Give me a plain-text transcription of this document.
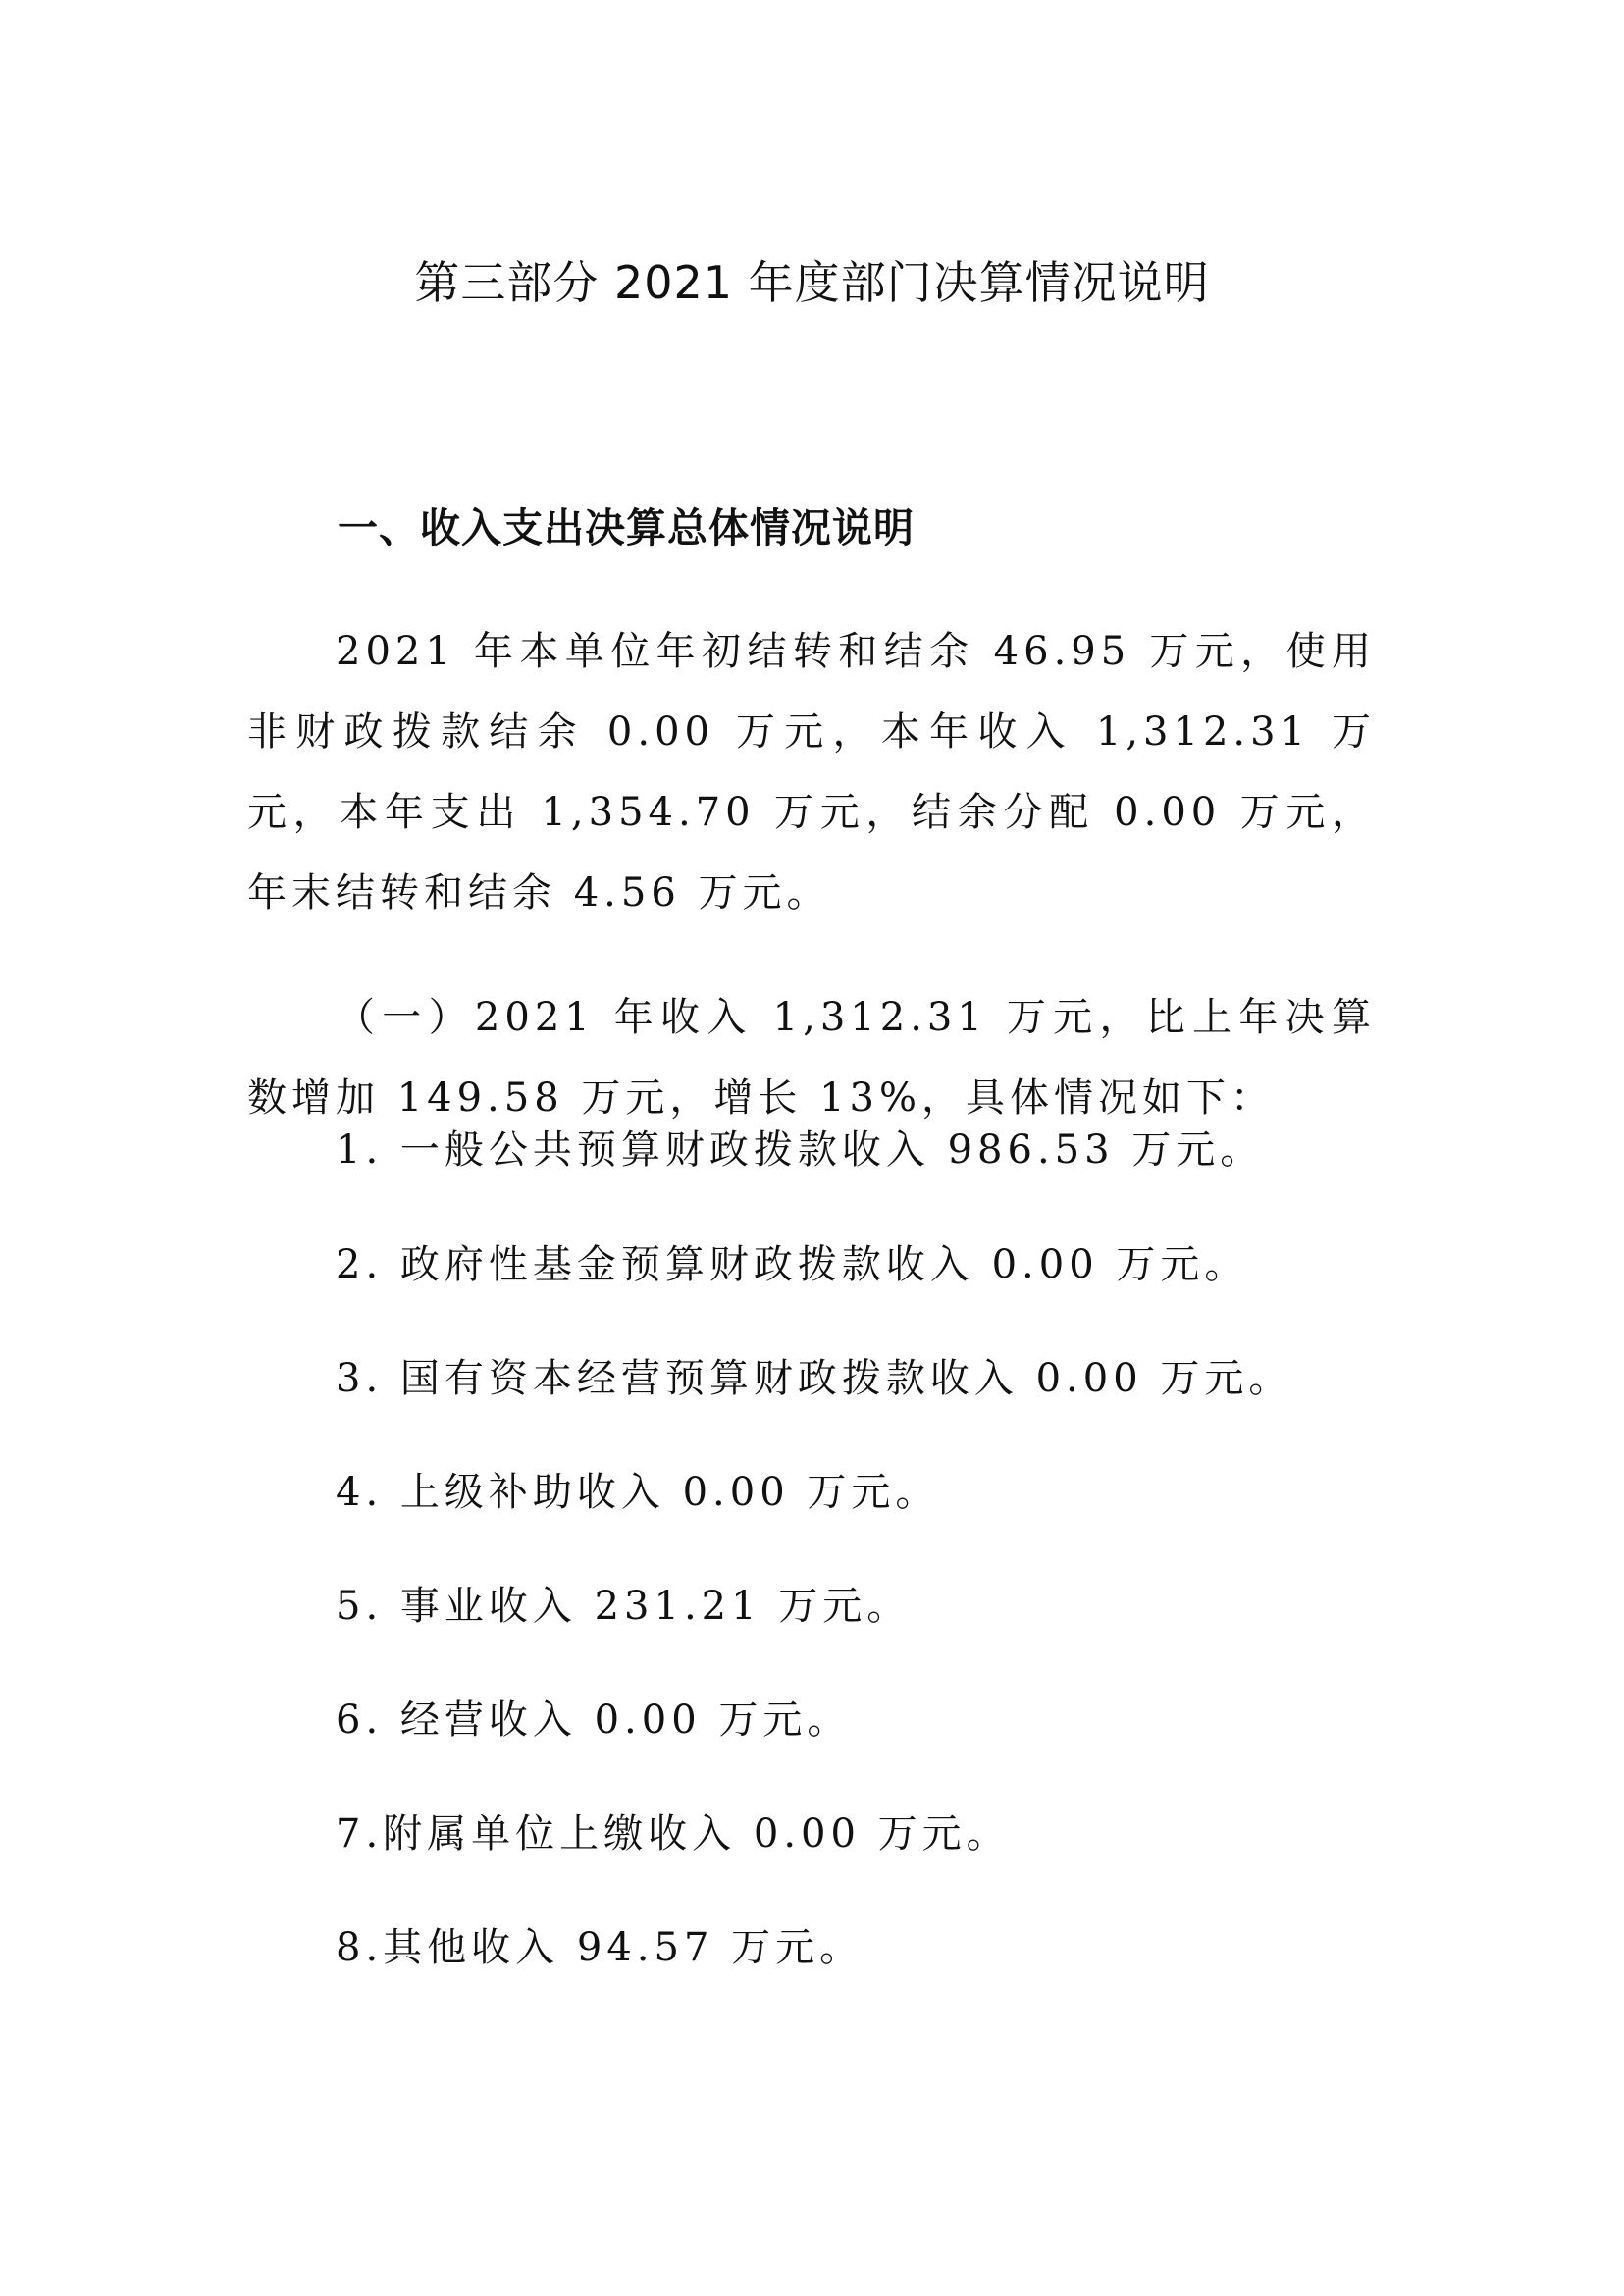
第三部分 2021 年度部门决算情况说明
一、收入支出决算总体情况说明
2021 年本单位年初结转和结余 46.95 万元，使用非财政拨款结余 0.00 万元，本年收入 1,312.31 万元，本年支出 1,354.70 万元，结余分配 0.00 万元，年末结转和结余 4.56 万元。
（一）2021 年收入 1,312.31 万元，比上年决算数增加 149.58 万元，增长 13%，具体情况如下：
1. 一般公共预算财政拨款收入 986.53 万元。
2. 政府性基金预算财政拨款收入 0.00 万元。
3. 国有资本经营预算财政拨款收入 0.00 万元。
4. 上级补助收入 0.00 万元。
5. 事业收入 231.21 万元。
6. 经营收入 0.00 万元。
7.附属单位上缴收入 0.00 万元。
8.其他收入 94.57 万元。
